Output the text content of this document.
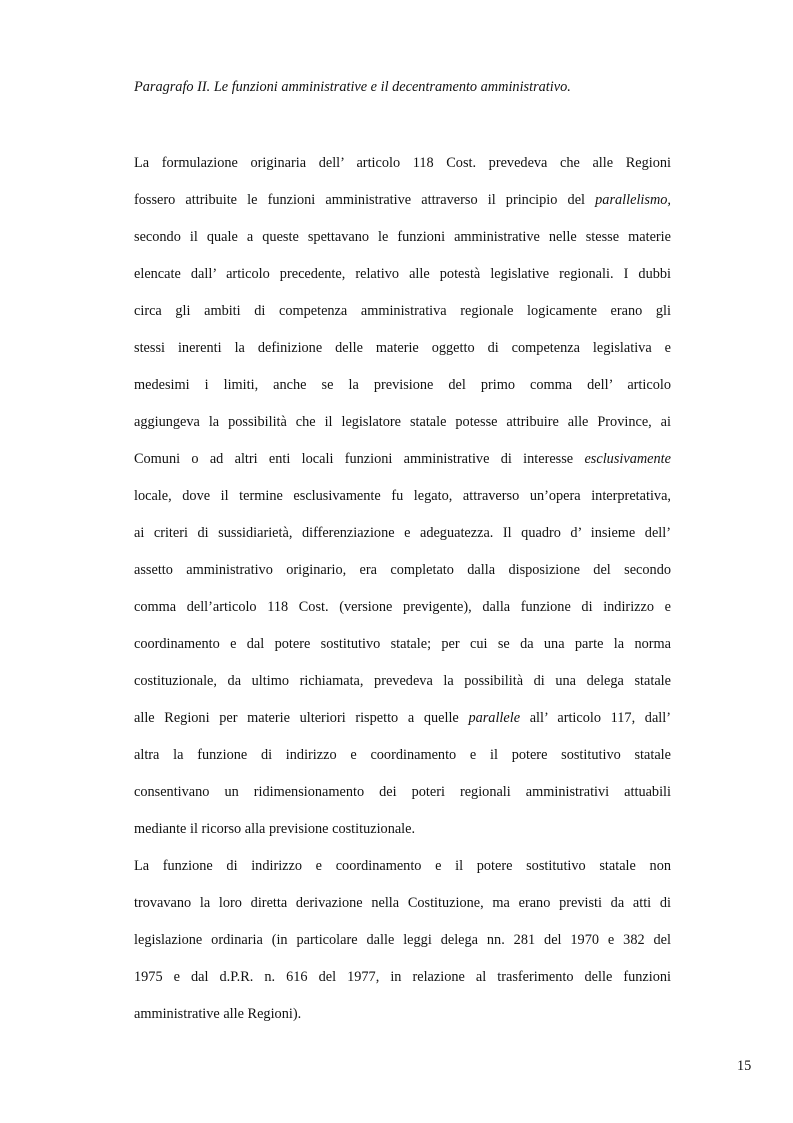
Paragrafo II. Le funzioni amministrative e il decentramento amministrativo.
La formulazione originaria dell’ articolo 118 Cost. prevedeva che alle Regioni
fossero attribuite le funzioni amministrative attraverso il principio del parallelismo,
secondo il quale a queste spettavano le funzioni amministrative nelle stesse materie
elencate dall’ articolo precedente, relativo alle potestà legislative regionali. I dubbi
circa gli ambiti di competenza amministrativa regionale logicamente erano gli
stessi inerenti la definizione delle materie oggetto di competenza legislativa e
medesimi i limiti, anche se la previsione del primo comma dell’ articolo
aggiungeva la possibilità che il legislatore statale potesse attribuire alle Province, ai
Comuni o ad altri enti locali funzioni amministrative di interesse esclusivamente
locale, dove il termine esclusivamente fu legato, attraverso un’opera interpretativa,
ai criteri di sussidiarietà, differenziazione e adeguatezza. Il quadro d’ insieme dell’
assetto amministrativo originario, era completato dalla disposizione del secondo
comma dell’articolo 118 Cost. (versione previgente), dalla funzione di indirizzo e
coordinamento e dal potere sostitutivo statale; per cui se da una parte la norma
costituzionale, da ultimo richiamata, prevedeva la possibilità di una delega statale
alle Regioni per materie ulteriori rispetto a quelle parallele all’ articolo 117, dall’
altra la funzione di indirizzo e coordinamento e il potere sostitutivo statale
consentivano un ridimensionamento dei poteri regionali amministrativi attuabili
mediante il ricorso alla previsione costituzionale.
La funzione di indirizzo e coordinamento e il potere sostitutivo statale non
trovavano la loro diretta derivazione nella Costituzione, ma erano previsti da atti di
legislazione ordinaria (in particolare dalle leggi delega nn. 281 del 1970 e 382 del
1975 e dal d.P.R. n. 616 del 1977, in relazione al trasferimento delle funzioni
amministrative alle Regioni).
15
